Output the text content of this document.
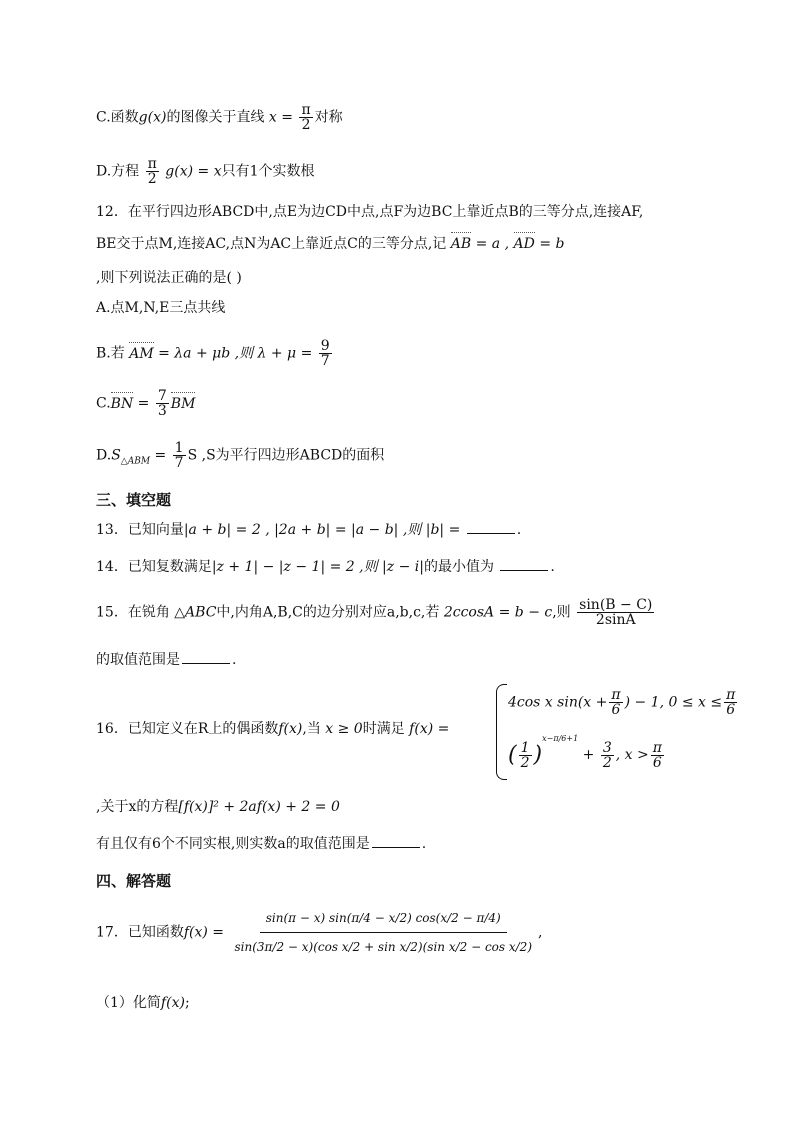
C.函数g(x)的图像关于直线 $x = \frac{\pi}{2}$ 对称
D.方程 $\frac{\pi}{2} g(x) = x$只有1个实数根
12．在平行四边形ABCD中,点E为边CD中点,点F为边BC上靠近点B的三等分点,连接AF,
BE交于点M,连接AC,点N为AC上靠近点C的三等分点,记 AB = a , AD = b
,则下列说法正确的是( )
A.点M,N,E三点共线
B.若 AM = λa + μb ,则 $\lambda + \mu = \frac{9}{7}$
$C.BN = \frac{7}{3}$ BM
$D.S_{\triangle ABM} = \frac{1}{7}$ S ,S为平行四边形ABCD的面积
三、填空题
13．已知向量|a + b| = 2 , |2a + b| = |a − b| ,则 |b| =	.
14．已知复数满足|z + 1| − |z − 1| = 2 ,则 |z − i|的最小值为	.
15．在锐角 △ABC中,内角A,B,C的边分别对应a,b,c,若 2ccosA = b − c,则 $\frac{\sin(B - C)}{2\sin A}$
的取值范围是	.
16．已知定义在R上的偶函数f(x),当 x ≥ 0时满足 f(x) =
4cos x $\sin(x + \frac{\pi}{6}$ ) − 1, $0 \le x \le \frac{\pi}{6}$
( $\frac{1}{2} )^{x-\pi/6+1} + \frac{3}{2}$ , $x > \frac{\pi}{6}$
,关于x的方程[f(x)]² + 2af(x) + 2 = 0
有且仅有6个不同实根,则实数a的取值范围是	.
四、解答题
17．已知函数$f(x) = \frac{\sin(\pi - x) \sin(\pi/4 - x/2) \cos(x/2 - \pi/4)}{\text{sin(3π/2 − x)(cos x/2 + sin x/2)(sin x/2 − cos x/2)}}$ ,
（1）化简f(x);
